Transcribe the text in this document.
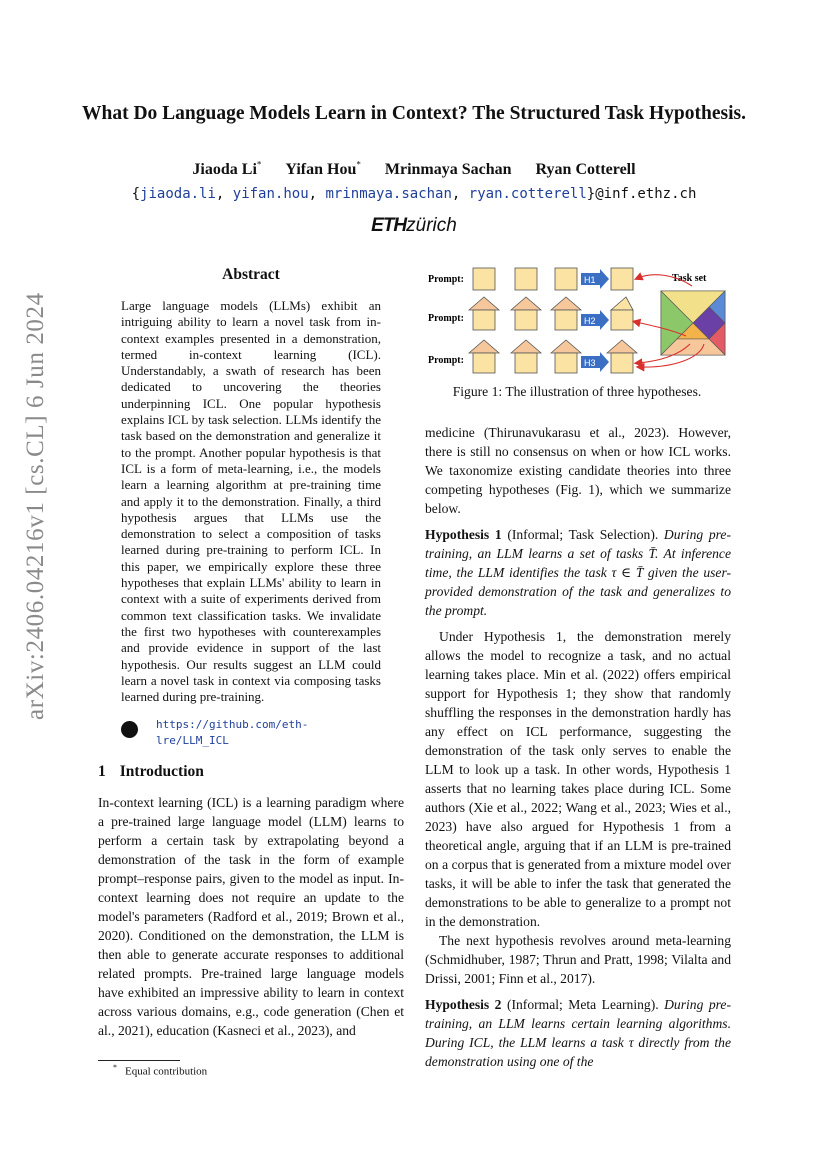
What Do Language Models Learn in Context? The Structured Task Hypothesis.
Jiaoda Li* Yifan Hou* Mrinmaya Sachan Ryan Cotterell
{jiaoda.li, yifan.hou, mrinmaya.sachan, ryan.cotterell}@inf.ethz.ch
ETHzürich
arXiv:2406.04216v1 [cs.CL] 6 Jun 2024
Abstract
Large language models (LLMs) exhibit an intriguing ability to learn a novel task from in-context examples presented in a demonstration, termed in-context learning (ICL). Understandably, a swath of research has been dedicated to uncovering the theories underpinning ICL. One popular hypothesis explains ICL by task selection. LLMs identify the task based on the demonstration and generalize it to the prompt. Another popular hypothesis is that ICL is a form of meta-learning, i.e., the models learn a learning algorithm at pre-training time and apply it to the demonstration. Finally, a third hypothesis argues that LLMs use the demonstration to select a composition of tasks learned during pre-training to perform ICL. In this paper, we empirically explore these three hypotheses that explain LLMs' ability to learn in context with a suite of experiments derived from common text classification tasks. We invalidate the first two hypotheses with counterexamples and provide evidence in support of the last hypothesis. Our results suggest an LLM could learn a novel task in context via composing tasks learned during pre-training.
https://github.com/eth-lre/LLM_ICL
1 Introduction
In-context learning (ICL) is a learning paradigm where a pre-trained large language model (LLM) learns to perform a certain task by extrapolating beyond a demonstration of the task in the form of example prompt–response pairs, given to the model as input. In-context learning does not require an update to the model's parameters (Radford et al., 2019; Brown et al., 2020). Conditioned on the demonstration, the LLM is then able to generate accurate responses to additional related prompts. Pre-trained large language models have exhibited an impressive ability to learn in context across various domains, e.g., code generation (Chen et al., 2021), education (Kasneci et al., 2023), and
* Equal contribution
Prompt:
Prompt:
Prompt:
H1
H2
H3
Task set
Figure 1: The illustration of three hypotheses.

medicine (Thirunavukarasu et al., 2023). However, there is still no consensus on when or how ICL works. We taxonomize existing candidate theories into three competing hypotheses (Fig. 1), which we summarize below.

Hypothesis 1 (Informal; Task Selection). During pre-training, an LLM learns a set of tasks T̄. At inference time, the LLM identifies the task τ ∈ T̄ given the user-provided demonstration of the task and generalizes to the prompt.

Under Hypothesis 1, the demonstration merely allows the model to recognize a task, and no actual learning takes place. Min et al. (2022) offers empirical support for Hypothesis 1; they show that randomly shuffling the responses in the demonstration hardly has any effect on ICL performance, suggesting the demonstration of the task only serves to enable the LLM to look up a task. In other words, Hypothesis 1 asserts that no learning takes place during ICL. Some authors (Xie et al., 2022; Wang et al., 2023; Wies et al., 2023) have also argued for Hypothesis 1 from a theoretical angle, arguing that if an LLM is pre-trained on a corpus that is generated from a mixture model over tasks, it will be able to infer the task that generated the demonstrations to be able to generalize to a prompt not in the demonstration.

The next hypothesis revolves around meta-learning (Schmidhuber, 1987; Thrun and Pratt, 1998; Vilalta and Drissi, 2001; Finn et al., 2017).

Hypothesis 2 (Informal; Meta Learning). During pre-training, an LLM learns certain learning algorithms. During ICL, the LLM learns a task τ directly from the demonstration using one of the
